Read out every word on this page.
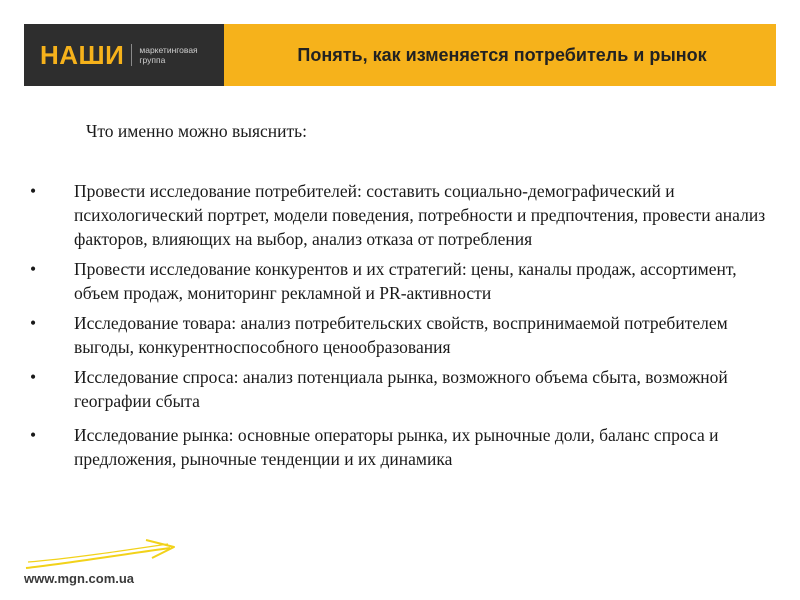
НАШИ маркетинговая
группа	Понять, как изменяется потребитель и рынок
Что именно можно выяснить:
•	Провести исследование потребителей: составить социально-демографический и психологический портрет, модели поведения, потребности и предпочтения, провести анализ факторов, влияющих на выбор, анализ отказа от потребления
•	Провести исследование конкурентов и их стратегий: цены, каналы продаж, ассортимент, объем продаж, мониторинг рекламной и PR-активности
•	Исследование товара: анализ потребительских свойств, воспринимаемой потребителем выгоды, конкурентноспособного ценообразования
•	Исследование спроса: анализ потенциала рынка, возможного объема сбыта, возможной географии сбыта
•	Исследование рынка: основные операторы рынка, их рыночные доли, баланс спроса и предложения, рыночные тенденции и их динамика
www.mgn.com.ua
